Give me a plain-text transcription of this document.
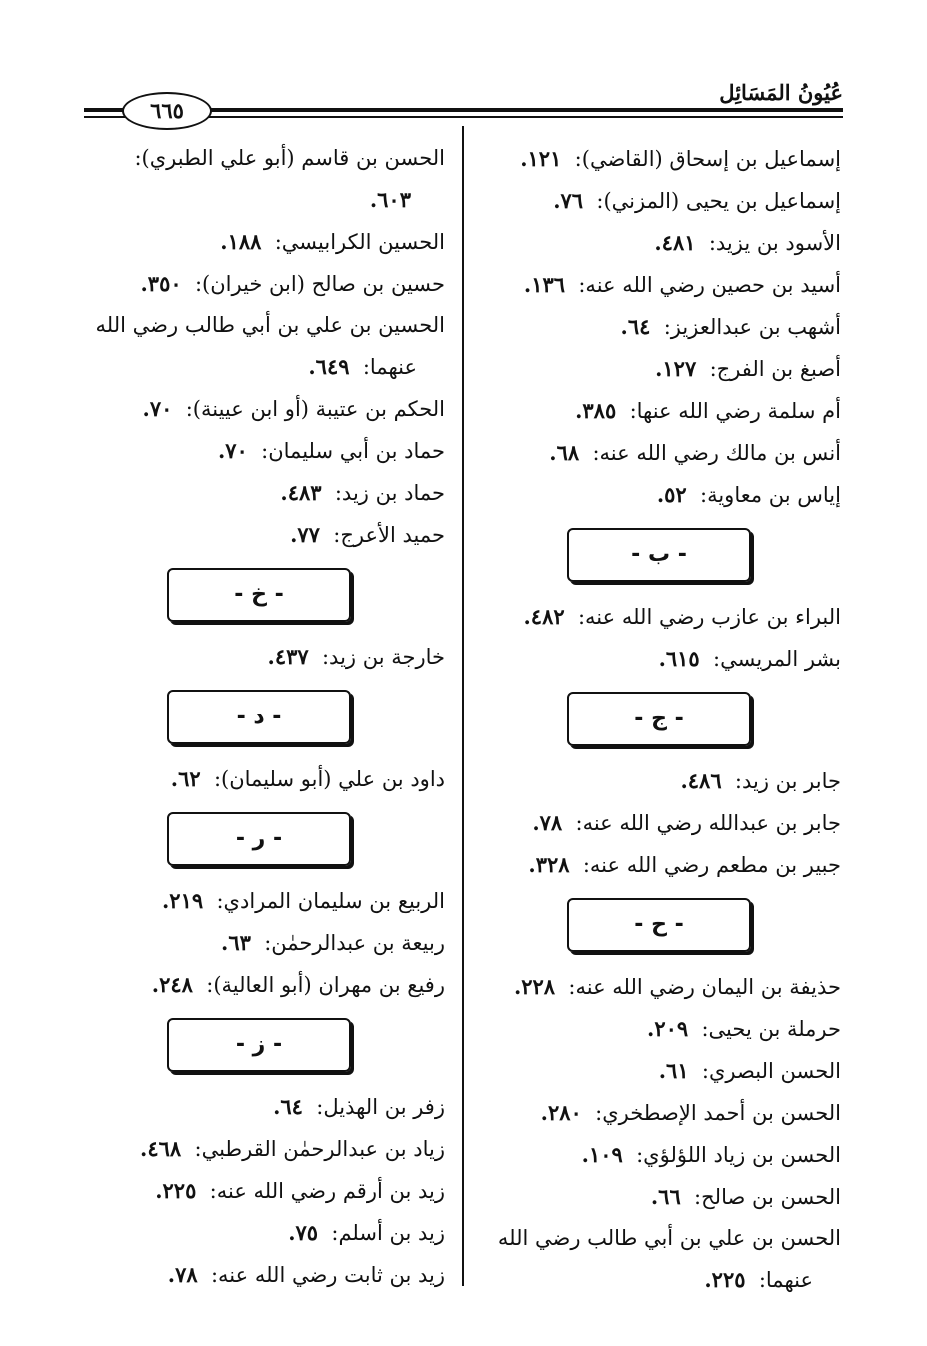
عُيُونُ المَسَائِل
٦٦٥
إسماعيل بن إسحاق (القاضي): ١٢١.
إسماعيل بن يحيى (المزني): ٧٦.
الأسود بن يزيد: ٤٨١.
أسيد بن حصين رضي الله عنه: ١٣٦.
أشهب بن عبدالعزيز: ٦٤.
أصبغ بن الفرج: ١٢٧.
أم سلمة رضي الله عنها: ٣٨٥.
أنس بن مالك رضي الله عنه: ٦٨.
إياس بن معاوية: ٥٢.
- ب -
البراء بن عازب رضي الله عنه: ٤٨٢.
بشر المريسي: ٦١٥.
- ج -
جابر بن زيد: ٤٨٦.
جابر بن عبدالله رضي الله عنه: ٧٨.
جبير بن مطعم رضي الله عنه: ٣٢٨.
- ح -
حذيفة بن اليمان رضي الله عنه: ٢٢٨.
حرملة بن يحيى: ٢٠٩.
الحسن البصري: ٦١.
الحسن بن أحمد الإصطخري: ٢٨٠.
الحسن بن زياد اللؤلؤي: ١٠٩.
الحسن بن صالح: ٦٦.
الحسن بن علي بن أبي طالب رضي الله
عنهما: ٢٢٥.
الحسن بن قاسم (أبو علي الطبري):
٦٠٣.
الحسين الكرابيسي: ١٨٨.
حسين بن صالح (ابن خيران): ٣٥٠.
الحسين بن علي بن أبي طالب رضي الله
عنهما: ٦٤٩.
الحكم بن عتيبة (أو ابن عيينة): ٧٠.
حماد بن أبي سليمان: ٧٠.
حماد بن زيد: ٤٨٣.
حميد الأعرج: ٧٧.
- خ -
خارجة بن زيد: ٤٣٧.
- د -
داود بن علي (أبو سليمان): ٦٢.
- ر -
الربيع بن سليمان المرادي: ٢١٩.
ربيعة بن عبدالرحمٰن: ٦٣.
رفيع بن مهران (أبو العالية): ٢٤٨.
- ز -
زفر بن الهذيل: ٦٤.
زياد بن عبدالرحمٰن القرطبي: ٤٦٨.
زيد بن أرقم رضي الله عنه: ٢٢٥.
زيد بن أسلم: ٧٥.
زيد بن ثابت رضي الله عنه: ٧٨.
